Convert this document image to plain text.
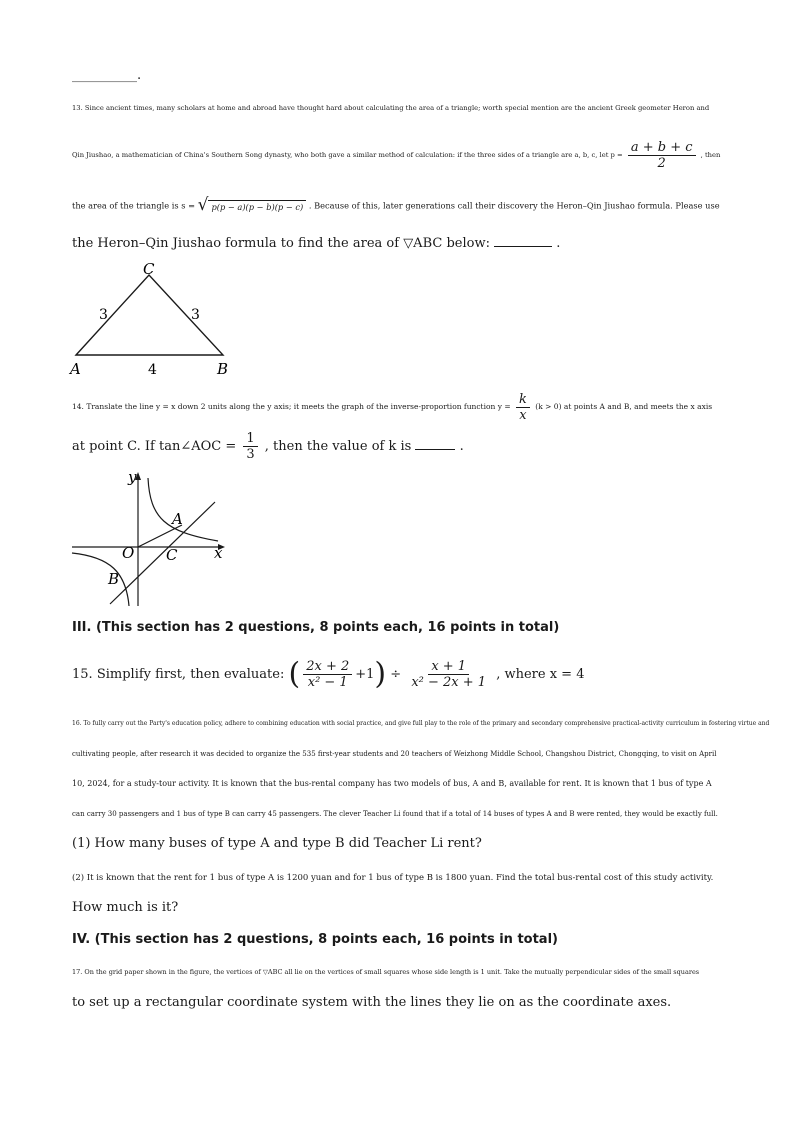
__________.
13. Since ancient times, many scholars at home and abroad have thought hard about calculating the area of a triangle; worth special mention are the ancient Greek geometer Heron and
Qin Jiushao, a mathematician of China's Southern Song dynasty, who both gave a similar method of calculation: if the three sides of a triangle are a, b, c, let $p = \frac{a + b + c}{2}$ , then
the area of the triangle is s = √ p(p − a)(p − b)(p − c) . Because of this, later generations call their discovery the Heron–Qin Jiushao formula. Please use
the Heron–Qin Jiushao formula to find the area of ▽ABC below:	.
C
A	B
3	3
4
14. Translate the line y = x down 2 units along the y axis; it meets the graph of the inverse-proportion function $y = \frac{k}{x} (k > 0)$ at points A and B, and meets the x axis
at point C. If tan∠AOC = $\frac{1}{3}$ , then the value of k is	.
y
x
O
A
C
B
III. (This section has 2 questions, 8 points each, 16 points in total)
15. Simplify first, then evaluate: ( $\frac{2x + 2}{\text{x² − 1}} +1) \div \frac{x + 1}{\text{x² − 2x + 1}}$ , where x = 4
16. To fully carry out the Party's education policy, adhere to combining education with social practice, and give full play to the role of the primary and secondary comprehensive practical-activity curriculum in fostering virtue and
cultivating people, after research it was decided to organize the 535 first-year students and 20 teachers of Weizhong Middle School, Changshou District, Chongqing, to visit on April
10, 2024, for a study-tour activity. It is known that the bus-rental company has two models of bus, A and B, available for rent. It is known that 1 bus of type A
can carry 30 passengers and 1 bus of type B can carry 45 passengers. The clever Teacher Li found that if a total of 14 buses of types A and B were rented, they would be exactly full.
(1) How many buses of type A and type B did Teacher Li rent?
(2) It is known that the rent for 1 bus of type A is 1200 yuan and for 1 bus of type B is 1800 yuan. Find the total bus-rental cost of this study activity.
How much is it?
IV. (This section has 2 questions, 8 points each, 16 points in total)
17. On the grid paper shown in the figure, the vertices of ▽ABC all lie on the vertices of small squares whose side length is 1 unit. Take the mutually perpendicular sides of the small squares
to set up a rectangular coordinate system with the lines they lie on as the coordinate axes.
